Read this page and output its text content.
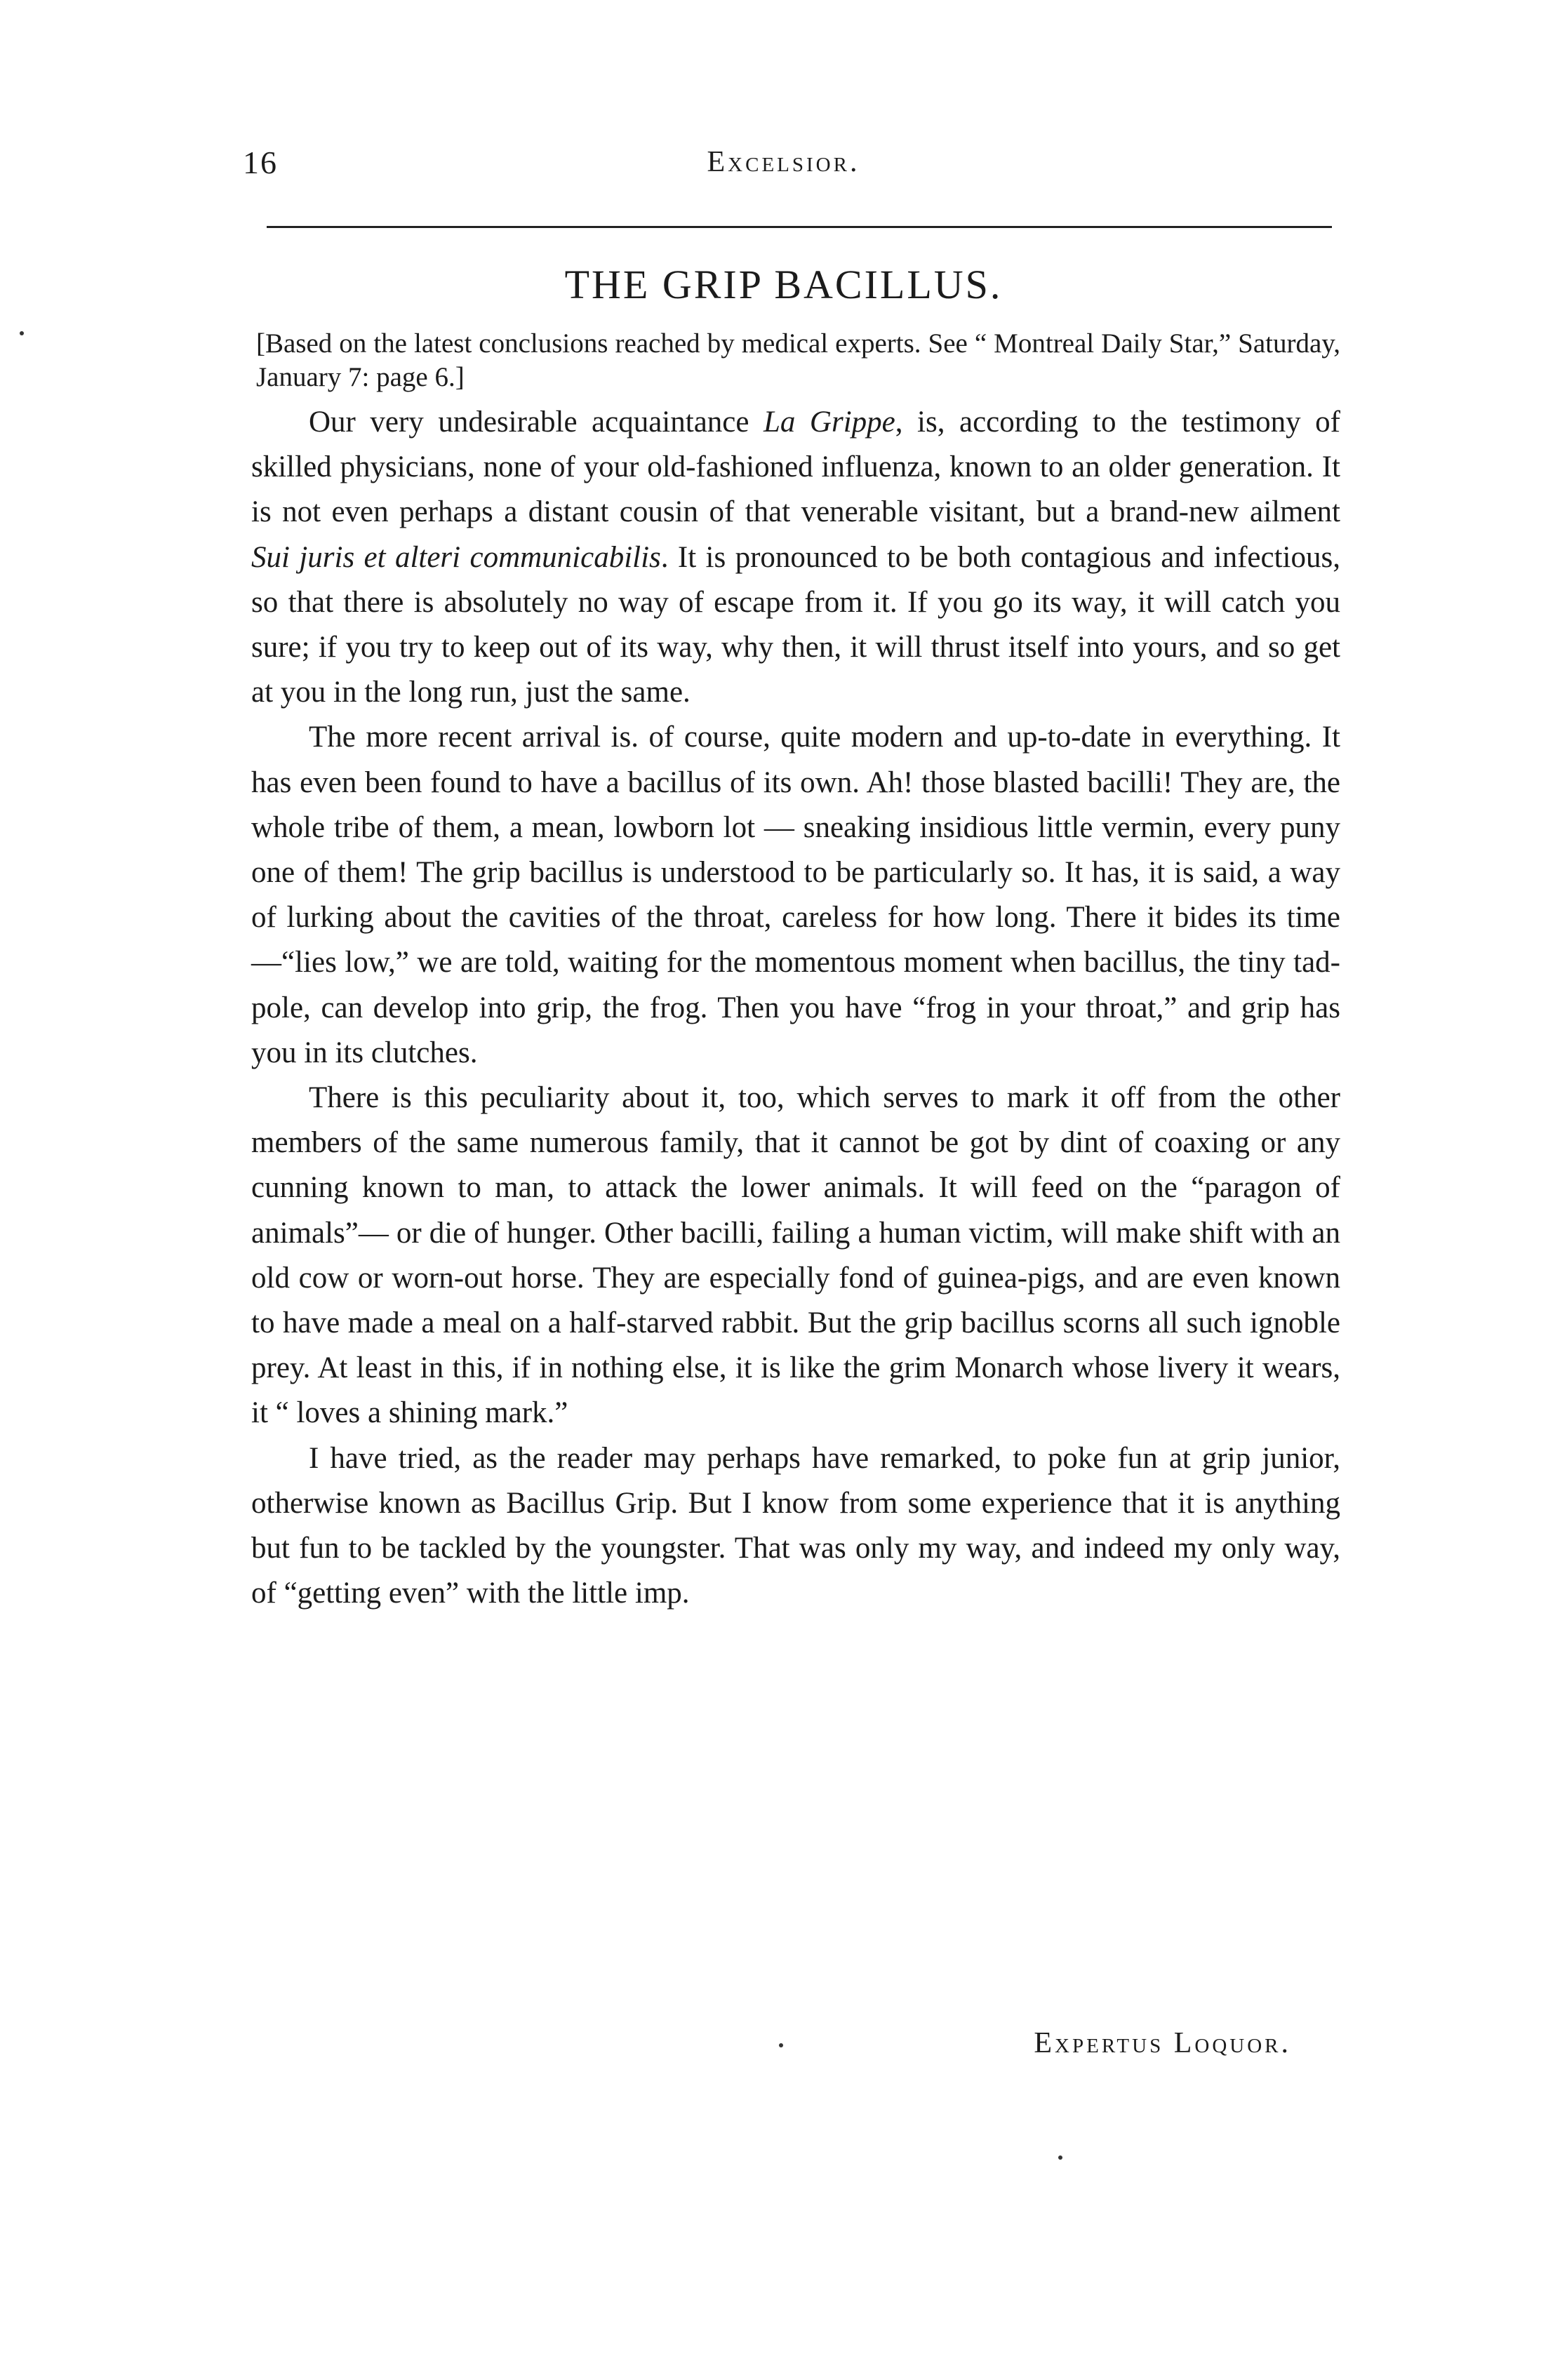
16	Excelsior.
THE GRIP BACILLUS.
[Based on the latest conclusions reached by medical experts. See “ Montreal Daily Star,” Saturday, January 7: page 6.]

Our very undesirable acquaintance La Grippe, is, according to the testimony of skilled physicians, none of your old-fashioned influenza, known to an older generation. It is not even perhaps a distant cousin of that venerable visitant, but a brand-new ailment Sui juris et alteri communicabilis. It is pronounced to be both contagious and infectious, so that there is absolutely no way of escape from it. If you go its way, it will catch you sure; if you try to keep out of its way, why then, it will thrust itself into yours, and so get at you in the long run, just the same.

The more recent arrival is. of course, quite modern and up-to-date in everything. It has even been found to have a bacillus of its own. Ah! those blasted bacilli! They are, the whole tribe of them, a mean, lowborn lot — sneaking insidious little vermin, every puny one of them! The grip bacillus is understood to be particularly so. It has, it is said, a way of lurking about the cavities of the throat, careless for how long. There it bides its time—“lies low,” we are told, waiting for the momentous moment when bacillus, the tiny tad-pole, can develop into grip, the frog. Then you have “frog in your throat,” and grip has you in its clutches.

There is this peculiarity about it, too, which serves to mark it off from the other members of the same numerous family, that it cannot be got by dint of coaxing or any cunning known to man, to attack the lower animals. It will feed on the “paragon of animals”— or die of hunger. Other bacilli, failing a human victim, will make shift with an old cow or worn-out horse. They are especially fond of guinea-pigs, and are even known to have made a meal on a half-starved rabbit. But the grip bacillus scorns all such ignoble prey. At least in this, if in nothing else, it is like the grim Monarch whose livery it wears, it “ loves a shining mark.”

I have tried, as the reader may perhaps have remarked, to poke fun at grip junior, otherwise known as Bacillus Grip. But I know from some experience that it is anything but fun to be tackled by the youngster. That was only my way, and indeed my only way, of “getting even” with the little imp.

Expertus Loquor.
